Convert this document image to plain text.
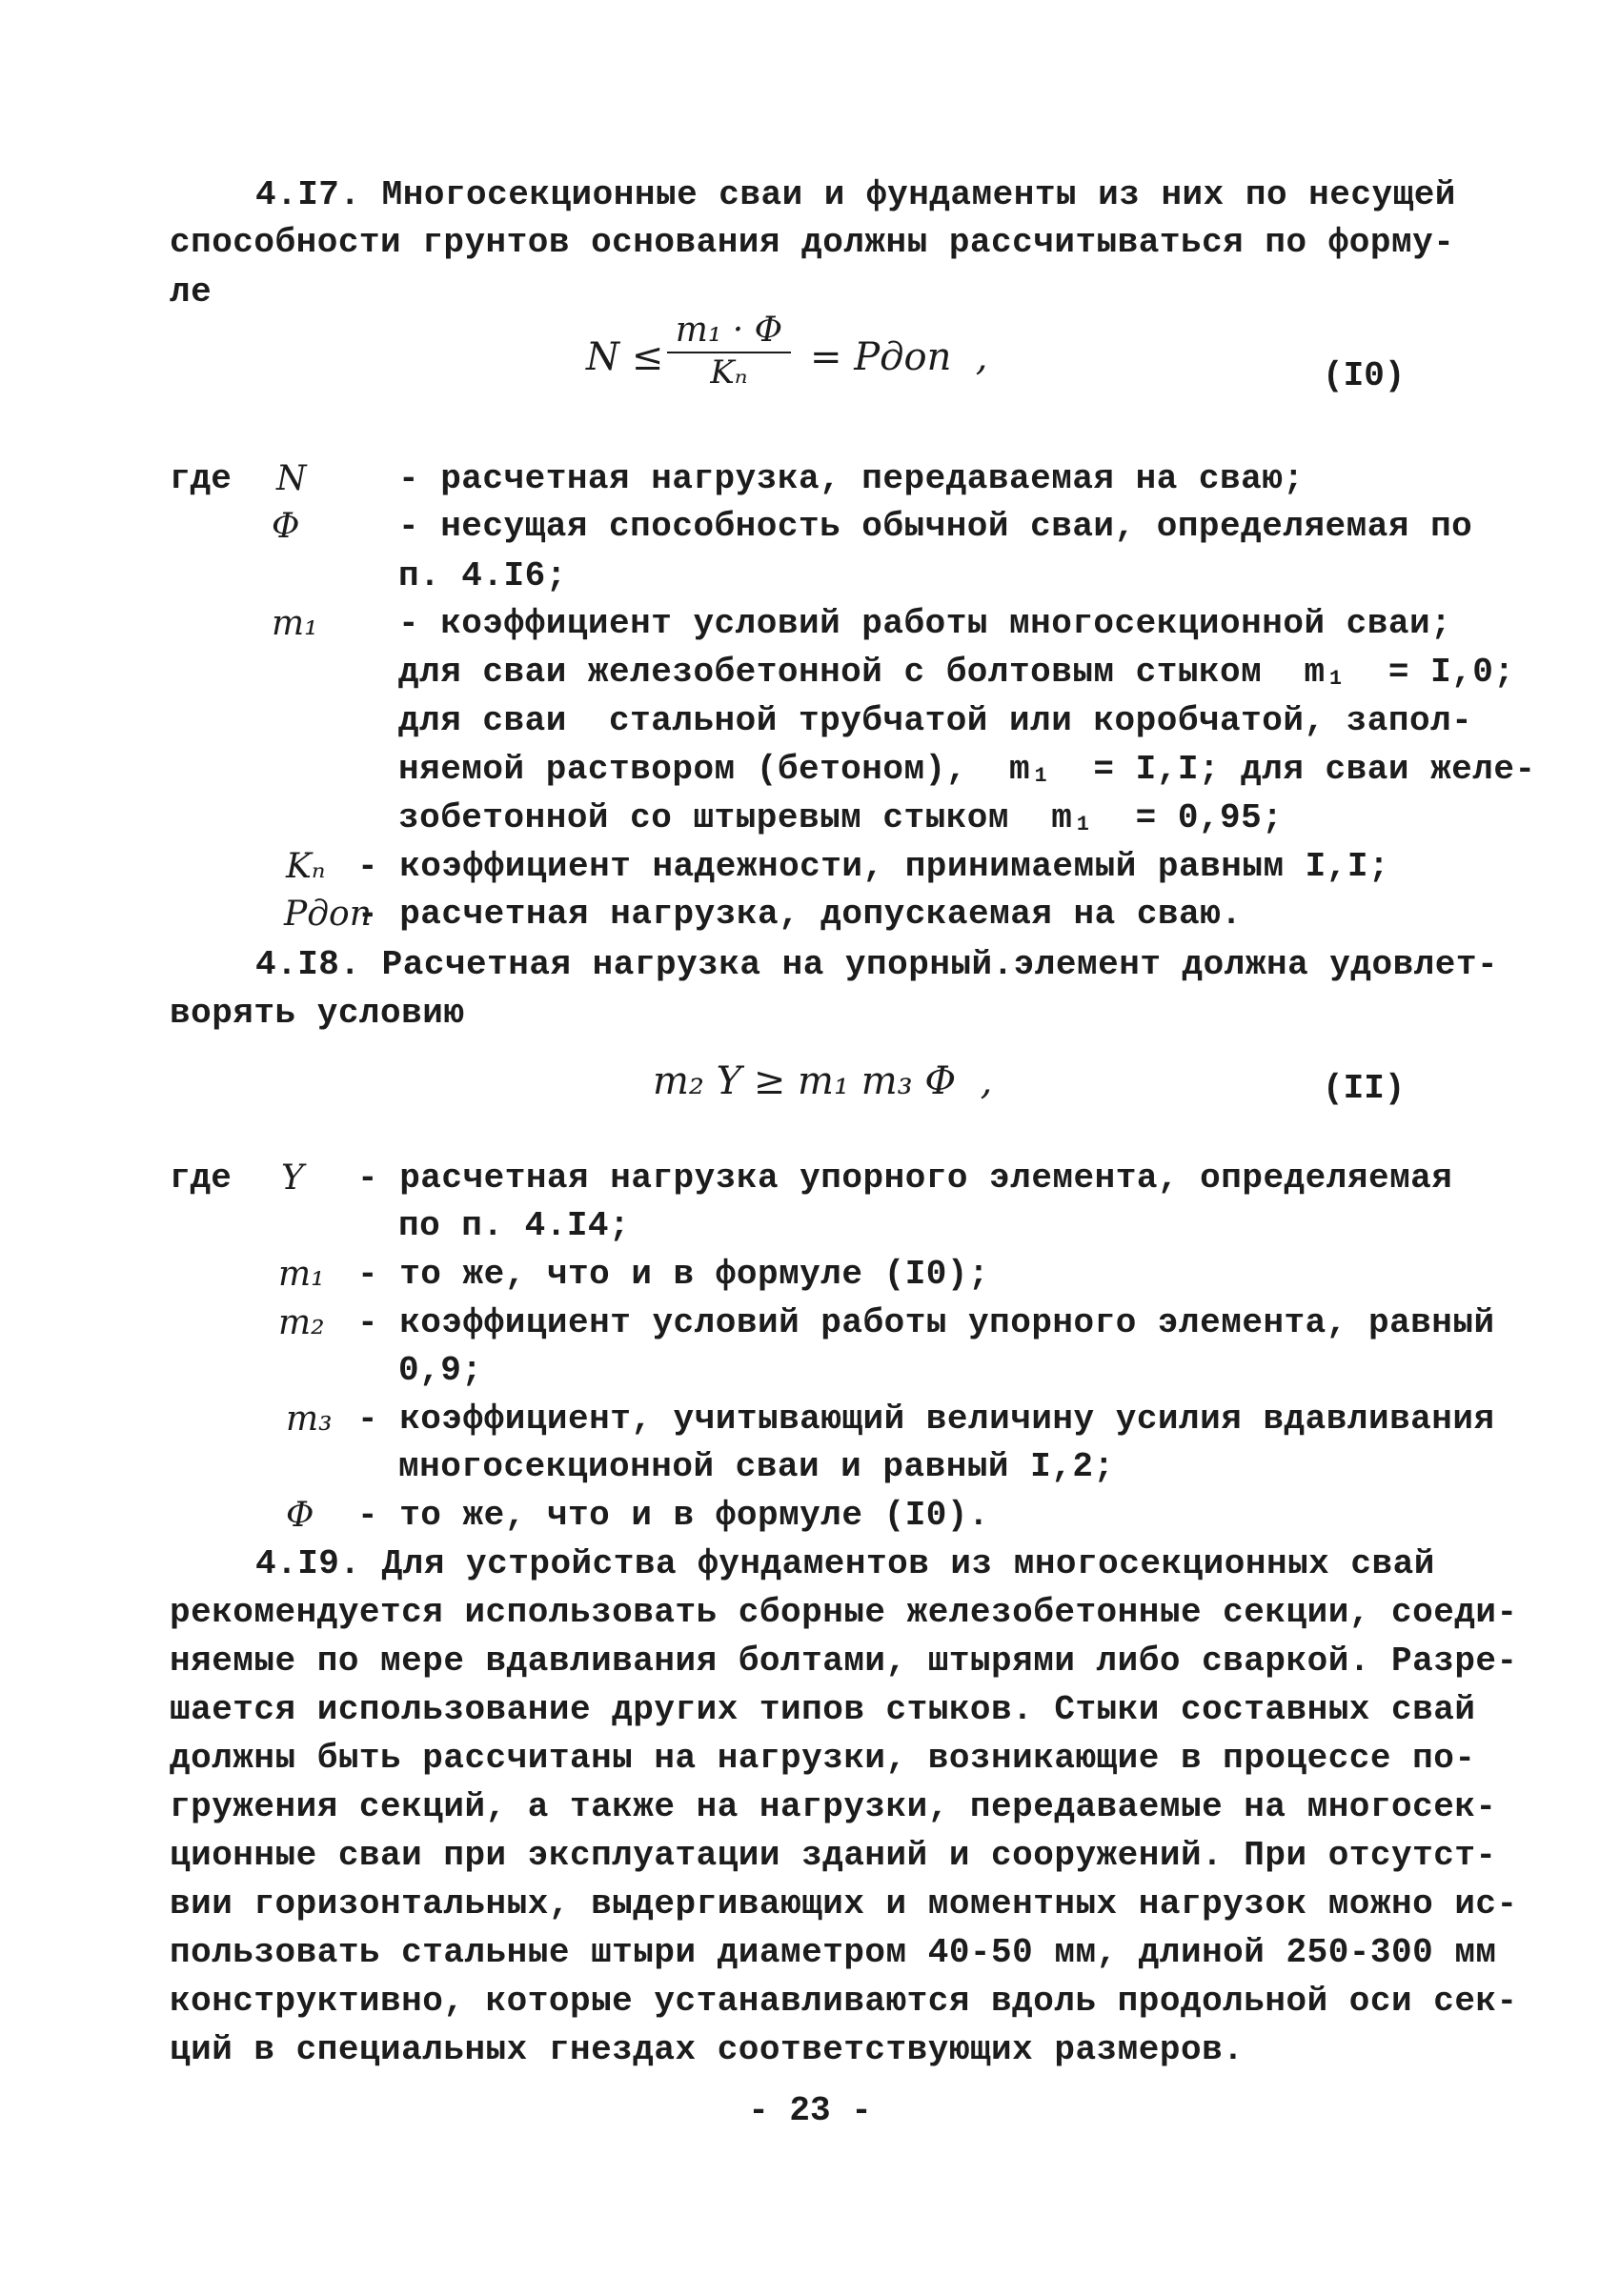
4.I7. Многосекционные сваи и фундаменты из них по несущей
способности грунтов основания должны рассчитываться по форму-
ле
N ≤
m₁ · Φ
Kₙ = Pдоп  ,	(I0)
где N	- расчетная нагрузка, передаваемая на сваю;
Φ	- несущая способность обычной сваи, определяемая по
п. 4.I6;
m₁ - коэффициент условий работы многосекционной сваи;
для сваи железобетонной с болтовым стыком  m₁  = I,0;
для сваи  стальной трубчатой или коробчатой, запол-
няемой раствором (бетоном),  m₁  = I,I; для сваи желе-
зобетонной со штыревым стыком  m₁  = 0,95;
Kₙ - коэффициент надежности, принимаемый равным I,I;
Pдоп
- расчетная нагрузка, допускаемая на сваю.
4.I8. Расчетная нагрузка на упорный.элемент должна удовлет-
ворять условию
m₂ Y ≥ m₁ m₃ Φ  ,	(II)
где Y - расчетная нагрузка упорного элемента, определяемая
по п. 4.I4;
m₁ - то же, что и в формуле (I0);
m₂ - коэффициент условий работы упорного элемента, равный
0,9;
m₃ - коэффициент, учитывающий величину усилия вдавливания
многосекционной сваи и равный I,2;
Φ - то же, что и в формуле (I0).
4.I9. Для устройства фундаментов из многосекционных свай
рекомендуется использовать сборные железобетонные секции, соеди-
няемые по мере вдавливания болтами, штырями либо сваркой. Разре-
шается использование других типов стыков. Стыки составных свай
должны быть рассчитаны на нагрузки, возникающие в процессе по-
гружения секций, а также на нагрузки, передаваемые на многосек-
ционные сваи при эксплуатации зданий и сооружений. При отсутст-
вии горизонтальных, выдергивающих и моментных нагрузок можно ис-
пользовать стальные штыри диаметром 40-50 мм, длиной 250-300 мм
конструктивно, которые устанавливаются вдоль продольной оси сек-
ций в специальных гнездах соответствующих размеров.
- 23 -
